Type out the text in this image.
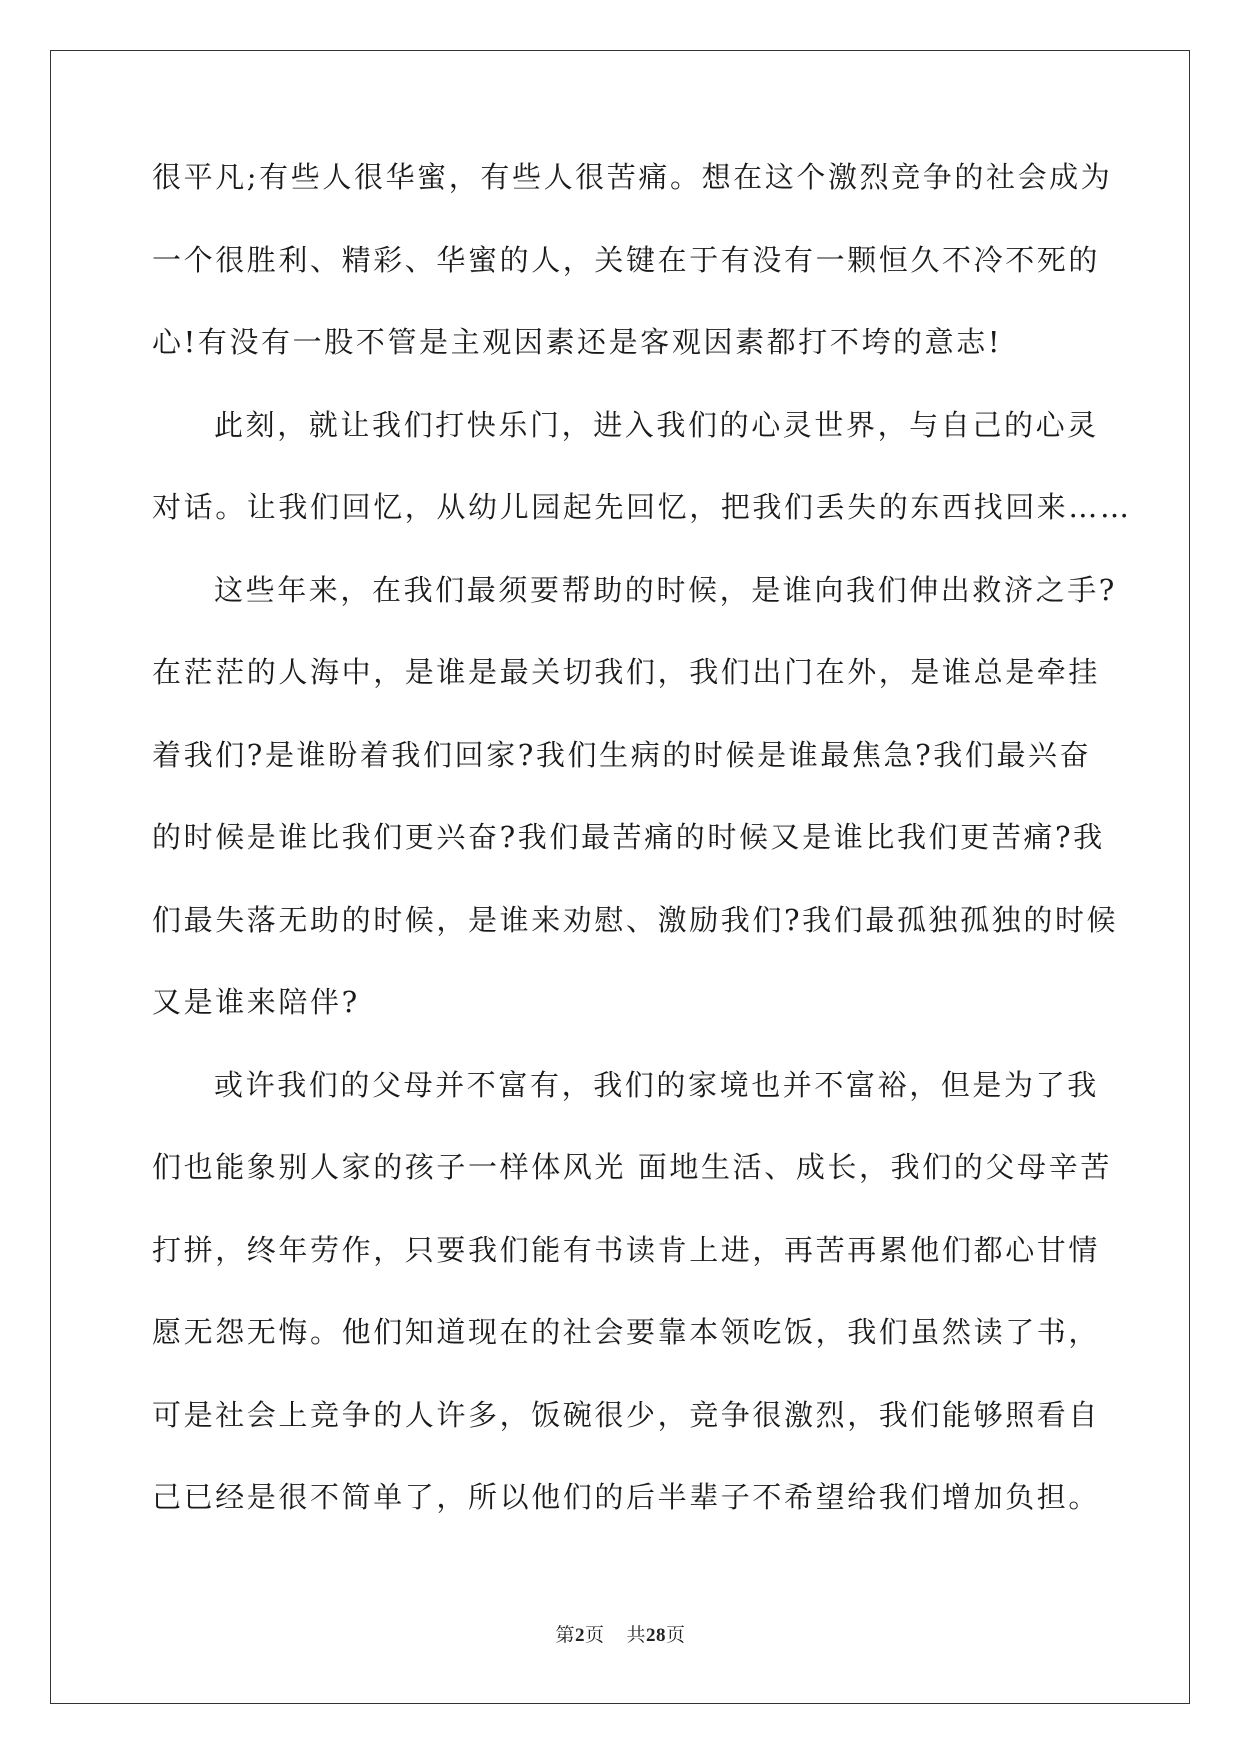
很平凡;有些人很华蜜，有些人很苦痛。想在这个激烈竞争的社会成为
一个很胜利、精彩、华蜜的人，关键在于有没有一颗恒久不冷不死的
心!有没有一股不管是主观因素还是客观因素都打不垮的意志!
此刻，就让我们打快乐门，进入我们的心灵世界，与自己的心灵
对话。让我们回忆，从幼儿园起先回忆，把我们丢失的东西找回来……
这些年来，在我们最须要帮助的时候，是谁向我们伸出救济之手?
在茫茫的人海中，是谁是最关切我们，我们出门在外，是谁总是牵挂
着我们?是谁盼着我们回家?我们生病的时候是谁最焦急?我们最兴奋
的时候是谁比我们更兴奋?我们最苦痛的时候又是谁比我们更苦痛?我
们最失落无助的时候，是谁来劝慰、激励我们?我们最孤独孤独的时候
又是谁来陪伴?
或许我们的父母并不富有，我们的家境也并不富裕，但是为了我
们也能象别人家的孩子一样体风光 面地生活、成长，我们的父母辛苦
打拼，终年劳作，只要我们能有书读肯上进，再苦再累他们都心甘情
愿无怨无悔。他们知道现在的社会要靠本领吃饭，我们虽然读了书，
可是社会上竞争的人许多，饭碗很少，竞争很激烈，我们能够照看自
己已经是很不简单了，所以他们的后半辈子不希望给我们增加负担。
第2页 共28页
